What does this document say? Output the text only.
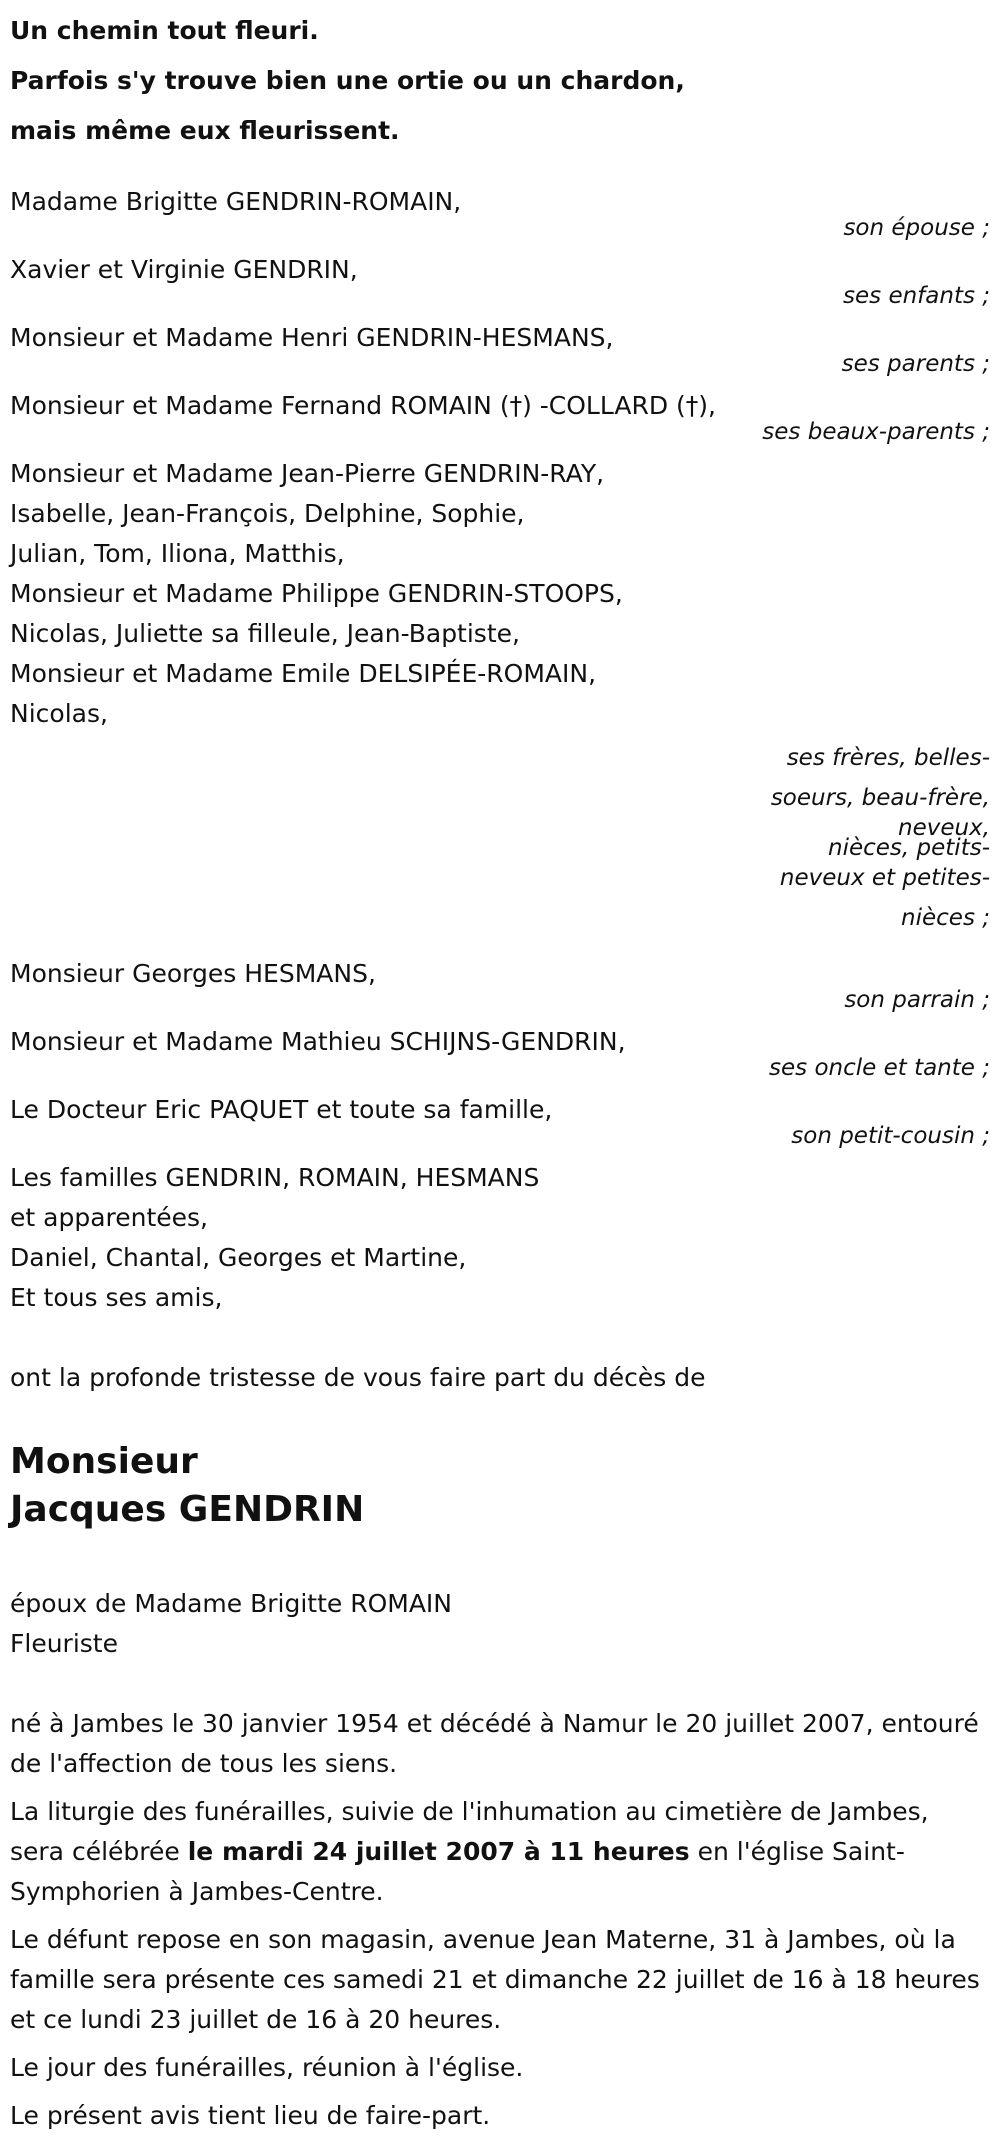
Un chemin tout fleuri.
Parfois s'y trouve bien une ortie ou un chardon,
mais même eux fleurissent.
Madame Brigitte GENDRIN-ROMAIN,
son épouse ;
Xavier et Virginie GENDRIN,
ses enfants ;
Monsieur et Madame Henri GENDRIN-HESMANS,
ses parents ;
Monsieur et Madame Fernand ROMAIN (†) -COLLARD (†),
ses beaux-parents ;
Monsieur et Madame Jean-Pierre GENDRIN-RAY,
Isabelle, Jean-François, Delphine, Sophie,
Julian, Tom, Iliona, Matthis,
Monsieur et Madame Philippe GENDRIN-STOOPS,
Nicolas, Juliette sa filleule, Jean-Baptiste,
Monsieur et Madame Emile DELSIPÉE-ROMAIN,
Nicolas,
ses frères, belles-
soeurs, beau-frère,
neveux,
nièces, petits-
neveux et petites-
nièces ;
Monsieur Georges HESMANS,
son parrain ;
Monsieur et Madame Mathieu SCHIJNS-GENDRIN,
ses oncle et tante ;
Le Docteur Eric PAQUET et toute sa famille,
son petit-cousin ;
Les familles GENDRIN, ROMAIN, HESMANS
et apparentées,
Daniel, Chantal, Georges et Martine,
Et tous ses amis,
ont la profonde tristesse de vous faire part du décès de
Monsieur
Jacques GENDRIN
époux de Madame Brigitte ROMAIN
Fleuriste

né à Jambes le 30 janvier 1954 et décédé à Namur le 20 juillet 2007, entouré de l'affection de tous les siens.

La liturgie des funérailles, suivie de l'inhumation au cimetière de Jambes, sera célébrée le mardi 24 juillet 2007 à 11 heures en l'église Saint-Symphorien à Jambes-Centre.

Le défunt repose en son magasin, avenue Jean Materne, 31 à Jambes, où la famille sera présente ces samedi 21 et dimanche 22 juillet de 16 à 18 heures et ce lundi 23 juillet de 16 à 20 heures.

Le jour des funérailles, réunion à l'église.

Le présent avis tient lieu de faire-part.
